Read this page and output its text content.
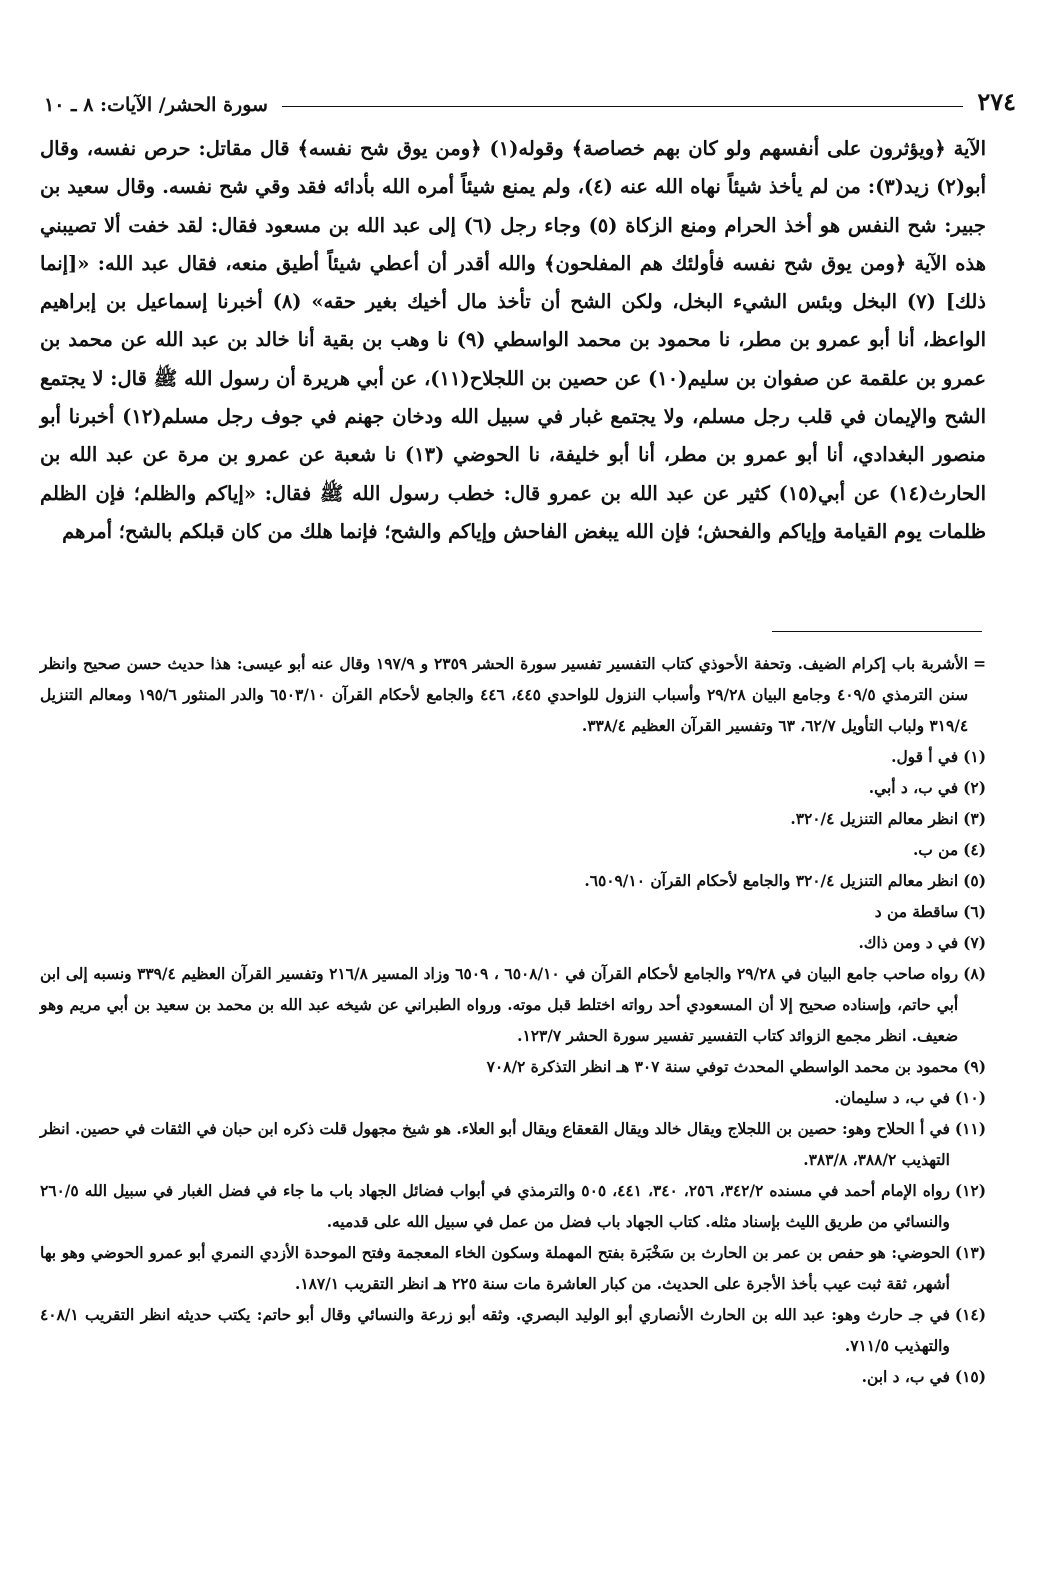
٢٧٤
سورة الحشر/ الآيات: ٨ ـ ١٠
الآية ﴿ويؤثرون على أنفسهم ولو كان بهم خصاصة﴾ وقوله(١) ﴿ومن يوق شح نفسه﴾ قال مقاتل: حرص نفسه، وقال أبو(٢) زيد(٣): من لم يأخذ شيئاً نهاه الله عنه (٤)، ولم يمنع شيئاً أمره الله بأدائه فقد وقي شح نفسه. وقال سعيد بن جبير: شح النفس هو أخذ الحرام ومنع الزكاة (٥) وجاء رجل (٦) إلى عبد الله بن مسعود فقال: لقد خفت ألا تصيبني هذه الآية ﴿ومن يوق شح نفسه فأولئك هم المفلحون﴾ والله أقدر أن أعطي شيئاً أطيق منعه، فقال عبد الله: «[إنما ذلك] (٧) البخل وبئس الشيء البخل، ولكن الشح أن تأخذ مال أخيك بغير حقه» (٨) أخبرنا إسماعيل بن إبراهيم الواعظ، أنا أبو عمرو بن مطر، نا محمود بن محمد الواسطي (٩) نا وهب بن بقية أنا خالد بن عبد الله عن محمد بن عمرو بن علقمة عن صفوان بن سليم(١٠) عن حصين بن اللجلاح(١١)، عن أبي هريرة أن رسول الله ﷺ قال: لا يجتمع الشح والإيمان في قلب رجل مسلم، ولا يجتمع غبار في سبيل الله ودخان جهنم في جوف رجل مسلم(١٢) أخبرنا أبو منصور البغدادي، أنا أبو عمرو بن مطر، أنا أبو خليفة، نا الحوضي (١٣) نا شعبة عن عمرو بن مرة عن عبد الله بن الحارث(١٤) عن أبي(١٥) كثير عن عبد الله بن عمرو قال: خطب رسول الله ﷺ فقال: «إياكم والظلم؛ فإن الظلم ظلمات يوم القيامة وإياكم والفحش؛ فإن الله يبغض الفاحش وإياكم والشح؛ فإنما هلك من كان قبلكم بالشح؛ أمرهم
=
الأشربة باب إكرام الضيف. وتحفة الأحوذي كتاب التفسير تفسير سورة الحشر ٢٣٥٩ و ١٩٧/٩ وقال عنه أبو عيسى: هذا حديث حسن صحيح وانظر سنن الترمذي ٤٠٩/٥ وجامع البيان ٢٩/٢٨ وأسباب النزول للواحدي ٤٤٥، ٤٤٦ والجامع لأحكام القرآن ٦٥٠٣/١٠ والدر المنثور ١٩٥/٦ ومعالم التنزيل ٣١٩/٤ ولباب التأويل ٦٢/٧، ٦٣ وتفسير القرآن العظيم ٣٣٨/٤.
(١)
في أ قول.
(٢)
في ب، د أبي.
(٣)
انظر معالم التنزيل ٣٢٠/٤.
(٤)
من ب.
(٥)
انظر معالم التنزيل ٣٢٠/٤ والجامع لأحكام القرآن ٦٥٠٩/١٠.
(٦)
ساقطة من د
(٧)
في د ومن ذاك.
(٨)
رواه صاحب جامع البيان في ٢٩/٢٨ والجامع لأحكام القرآن في ٦٥٠٨/١٠ ، ٦٥٠٩ وزاد المسير ٢١٦/٨ وتفسير القرآن العظيم ٣٣٩/٤ ونسبه إلى ابن أبي حاتم، وإسناده صحيح إلا أن المسعودي أحد رواته اختلط قبل موته. ورواه الطبراني عن شيخه عبد الله بن محمد بن سعيد بن أبي مريم وهو ضعيف. انظر مجمع الزوائد كتاب التفسير تفسير سورة الحشر ١٢٣/٧.
(٩)
محمود بن محمد الواسطي المحدث توفي سنة ٣٠٧ هـ انظر التذكرة ٧٠٨/٢
(١٠)
في ب، د سليمان.
(١١)
في أ الحلاح وهو: حصين بن اللجلاج ويقال خالد ويقال القعقاع ويقال أبو العلاء. هو شيخ مجهول قلت ذكره ابن حبان في الثقات في حصين. انظر التهذيب ٣٨٨/٢، ٣٨٣/٨.
(١٢)
رواه الإمام أحمد في مسنده ٣٤٢/٢، ٢٥٦، ٣٤٠، ٤٤١، ٥٠٥ والترمذي في أبواب فضائل الجهاد باب ما جاء في فضل الغبار في سبيل الله ٢٦٠/٥ والنسائي من طريق الليث بإسناد مثله. كتاب الجهاد باب فضل من عمل في سبيل الله على قدميه.
(١٣)
الحوضي: هو حفص بن عمر بن الحارث بن سَخْبَرة بفتح المهملة وسكون الخاء المعجمة وفتح الموحدة الأزدي النمري أبو عمرو الحوضي وهو بها أشهر، ثقة ثبت عيب بأخذ الأجرة على الحديث. من كبار العاشرة مات سنة ٢٢٥ هـ انظر التقريب ١٨٧/١.
(١٤)
في جـ حارث وهو: عبد الله بن الحارث الأنصاري أبو الوليد البصري. وثقه أبو زرعة والنسائي وقال أبو حاتم: يكتب حديثه انظر التقريب ٤٠٨/١ والتهذيب ٧١١/٥.
(١٥)
في ب، د ابن.
